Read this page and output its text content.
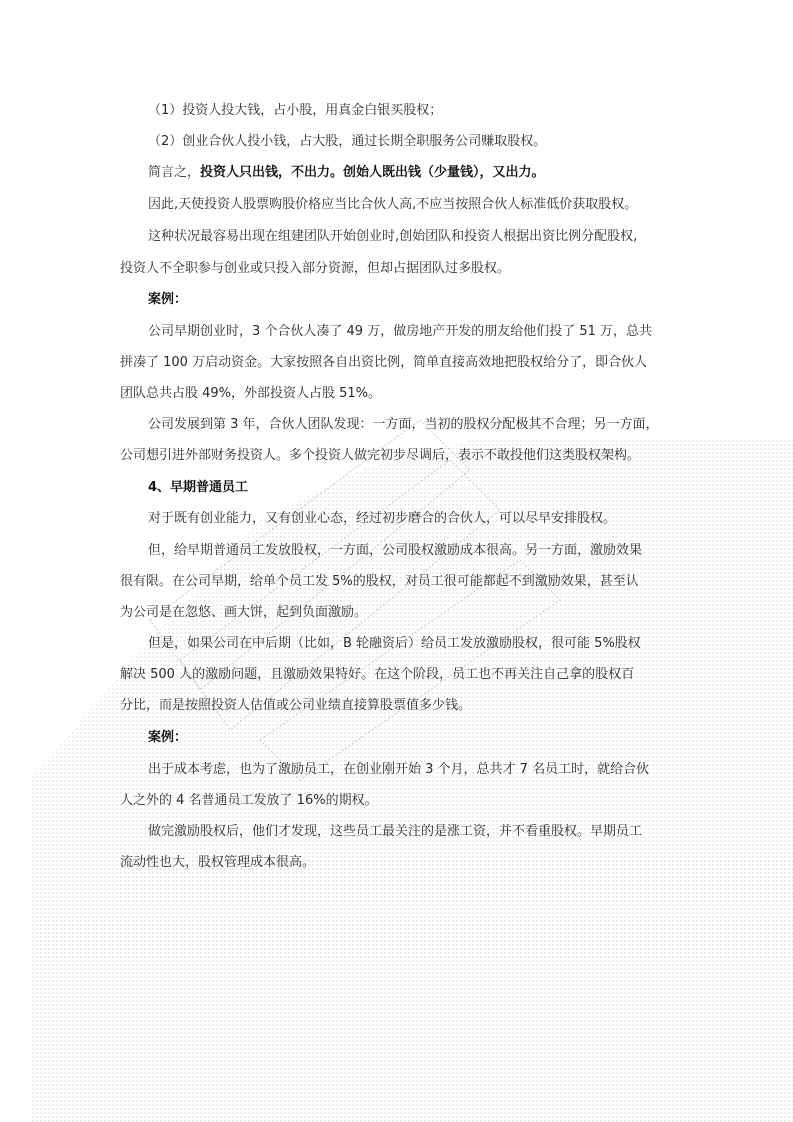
（1）投资人投大钱，占小股，用真金白银买股权；
（2）创业合伙人投小钱，占大股，通过长期全职服务公司赚取股权。
简言之，投资人只出钱，不出力。创始人既出钱（少量钱），又出力。
因此,天使投资人股票购股价格应当比合伙人高,不应当按照合伙人标准低价获取股权。
这种状况最容易出现在组建团队开始创业时,创始团队和投资人根据出资比例分配股权,
投资人不全职参与创业或只投入部分资源，但却占据团队过多股权。
案例：
公司早期创业时，3 个合伙人凑了 49 万，做房地产开发的朋友给他们投了 51 万，总共
拼凑了 100 万启动资金。大家按照各自出资比例，简单直接高效地把股权给分了，即合伙人
团队总共占股 49%，外部投资人占股 51%。
公司发展到第 3 年，合伙人团队发现：一方面，当初的股权分配极其不合理；另一方面，
公司想引进外部财务投资人。多个投资人做完初步尽调后，表示不敢投他们这类股权架构。
4、早期普通员工
对于既有创业能力，又有创业心态，经过初步磨合的合伙人，可以尽早安排股权。
但，给早期普通员工发放股权，一方面，公司股权激励成本很高。另一方面，激励效果
很有限。在公司早期，给单个员工发 5%的股权，对员工很可能都起不到激励效果，甚至认
为公司是在忽悠、画大饼，起到负面激励。
但是，如果公司在中后期（比如，B 轮融资后）给员工发放激励股权，很可能 5%股权
解决 500 人的激励问题，且激励效果特好。在这个阶段，员工也不再关注自己拿的股权百
分比，而是按照投资人估值或公司业绩直接算股票值多少钱。
案例：
出于成本考虑，也为了激励员工，在创业刚开始 3 个月，总共才 7 名员工时，就给合伙
人之外的 4 名普通员工发放了 16%的期权。
做完激励股权后，他们才发现，这些员工最关注的是涨工资，并不看重股权。早期员工
流动性也大，股权管理成本很高。
